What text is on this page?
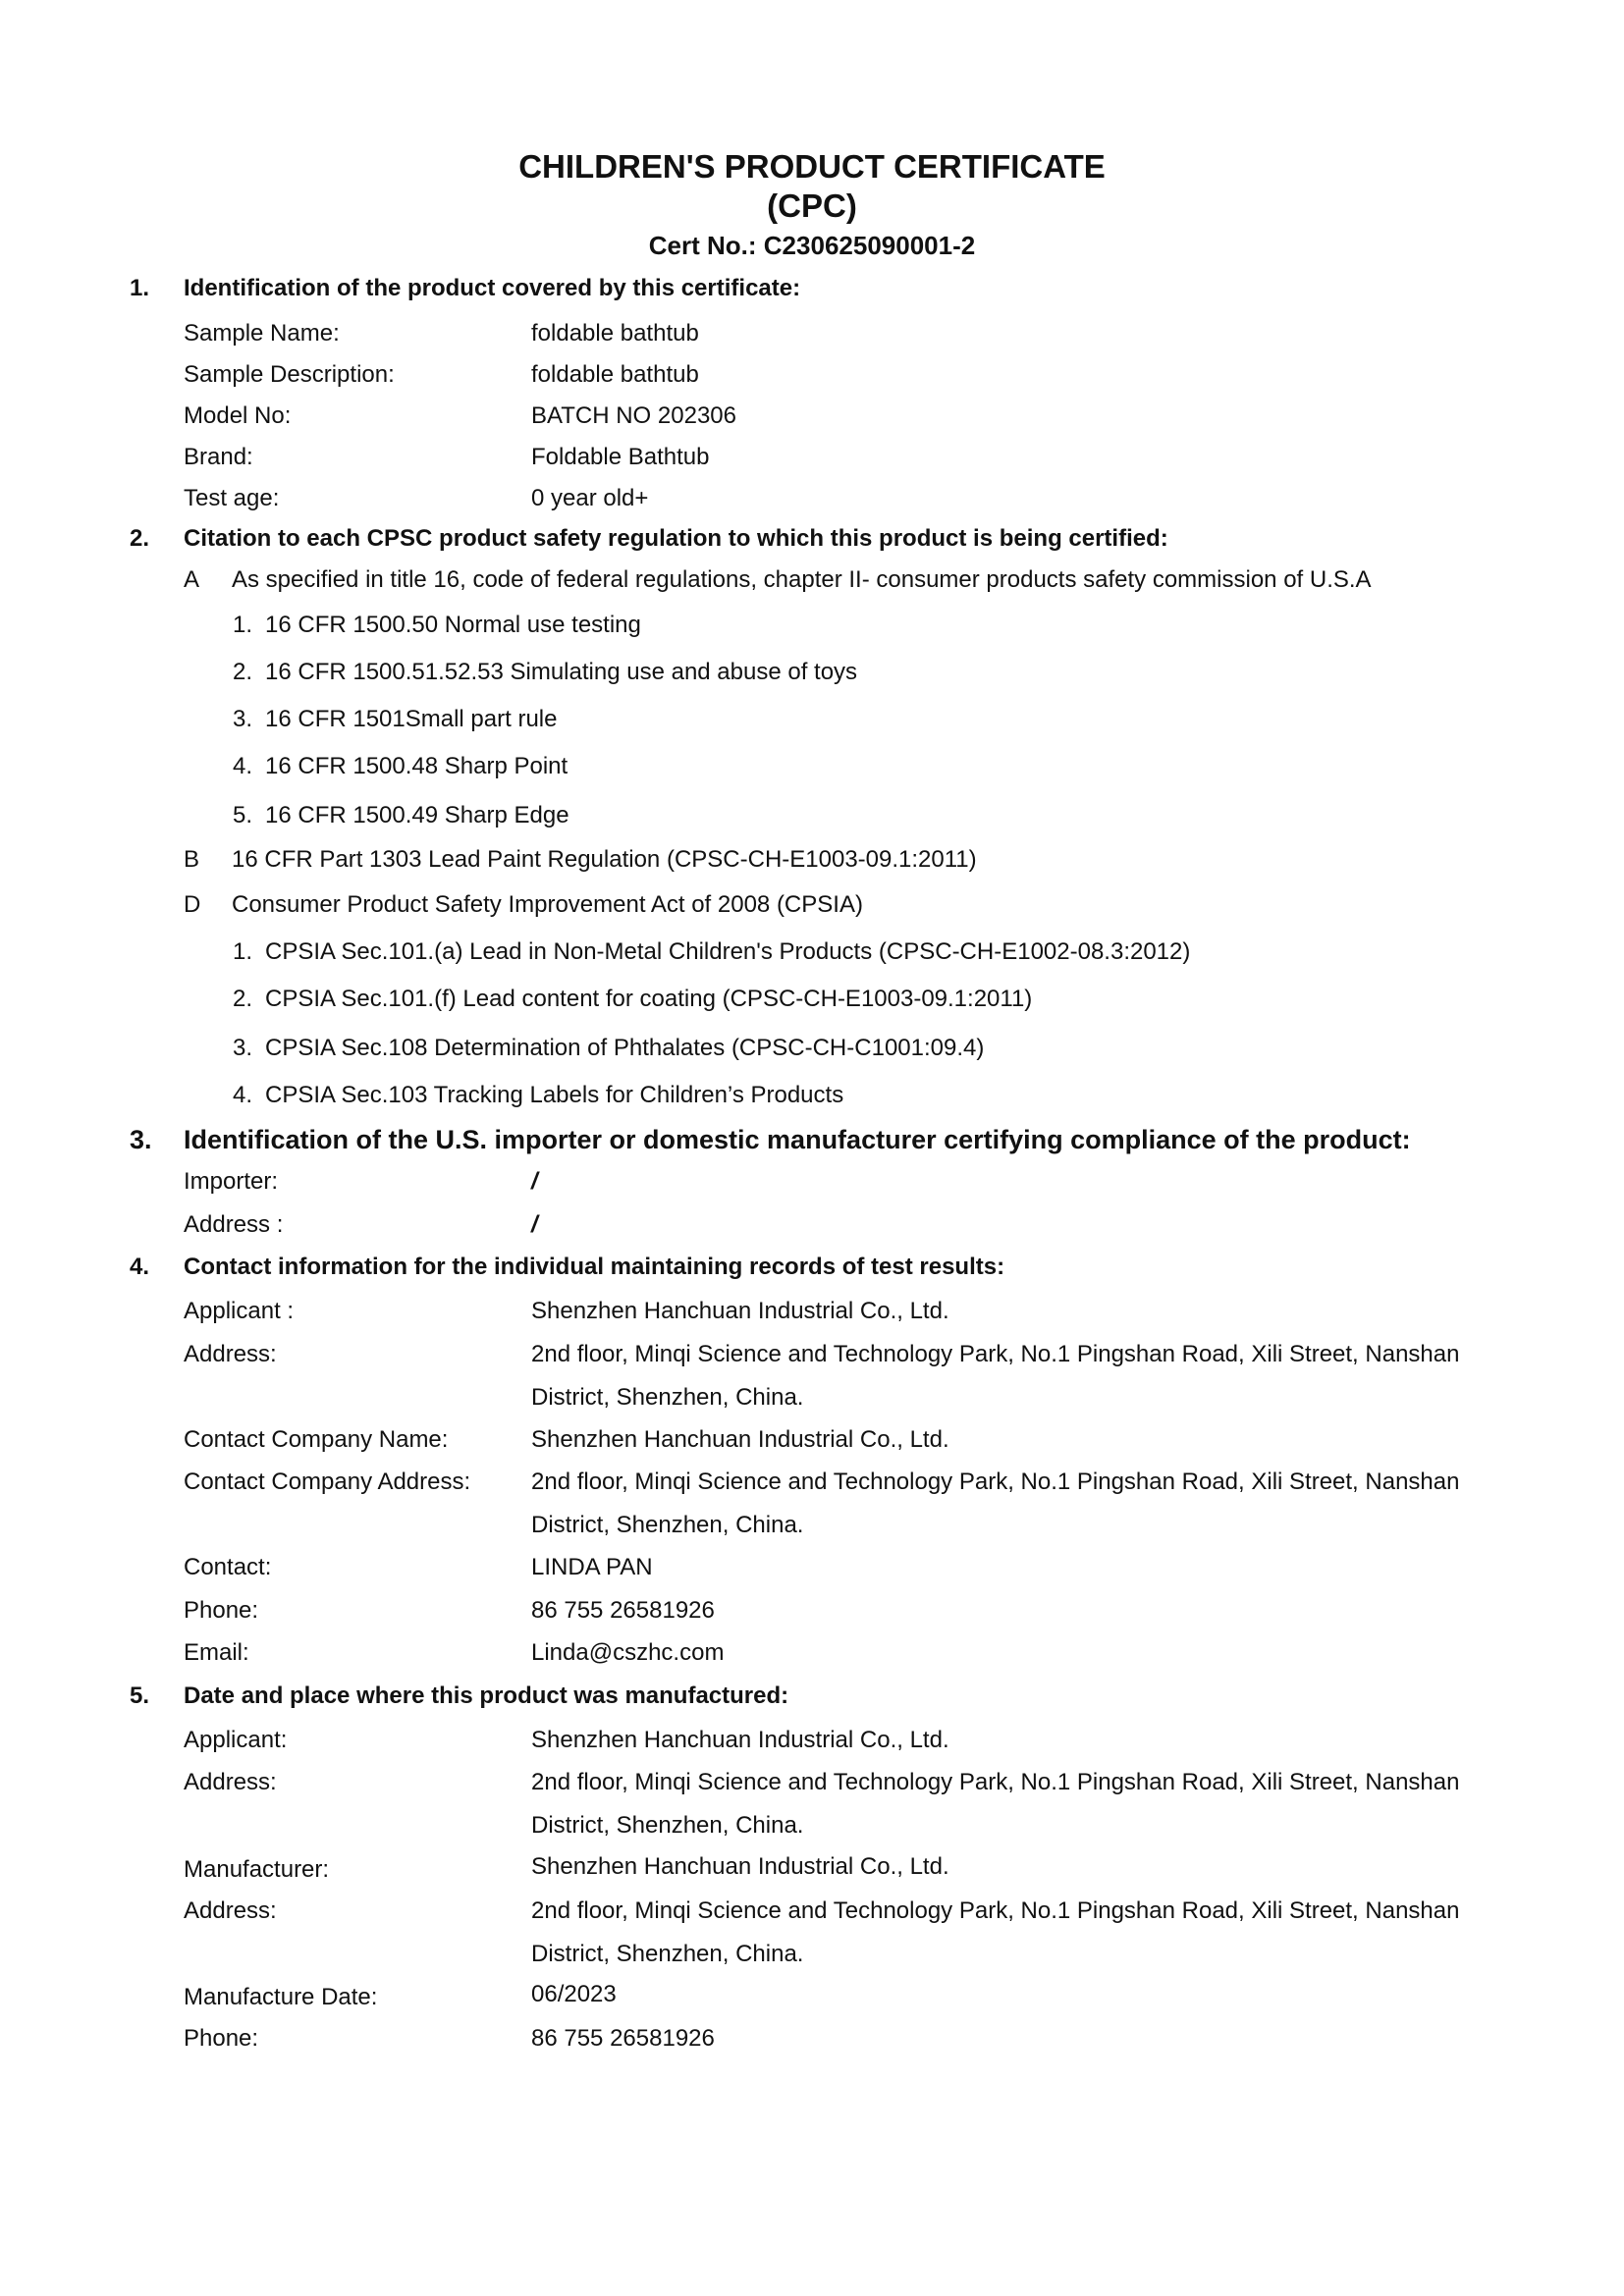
CHILDREN'S PRODUCT CERTIFICATE
(CPC)
Cert No.: C230625090001-2
1. Identification of the product covered by this certificate:
Sample Name:	foldable bathtub
Sample Description:	foldable bathtub
Model No:	BATCH NO 202306
Brand:	Foldable Bathtub
Test age:	0 year old+
2. Citation to each CPSC product safety regulation to which this product is being certified:
A As specified in title 16, code of federal regulations, chapter II- consumer products safety commission of U.S.A
1. 16 CFR 1500.50 Normal use testing
2. 16 CFR 1500.51.52.53 Simulating use and abuse of toys
3. 16 CFR 1501Small part rule
4. 16 CFR 1500.48 Sharp Point
5. 16 CFR 1500.49 Sharp Edge
B 16 CFR Part 1303 Lead Paint Regulation (CPSC-CH-E1003-09.1:2011)
D Consumer Product Safety Improvement Act of 2008 (CPSIA)
1. CPSIA Sec.101.(a) Lead in Non-Metal Children's Products (CPSC-CH-E1002-08.3:2012)
2. CPSIA Sec.101.(f) Lead content for coating (CPSC-CH-E1003-09.1:2011)
3. CPSIA Sec.108 Determination of Phthalates (CPSC-CH-C1001:09.4)
4. CPSIA Sec.103 Tracking Labels for Children’s Products
3. Identification of the U.S. importer or domestic manufacturer certifying compliance of the product:
Importer:	/
Address :	/
4. Contact information for the individual maintaining records of test results:
Applicant :	Shenzhen Hanchuan Industrial Co., Ltd.
Address:	2nd floor, Minqi Science and Technology Park, No.1 Pingshan Road, Xili Street, Nanshan District, Shenzhen, China.
Contact Company Name:	Shenzhen Hanchuan Industrial Co., Ltd.
Contact Company Address:	2nd floor, Minqi Science and Technology Park, No.1 Pingshan Road, Xili Street, Nanshan District, Shenzhen, China.
Contact:	LINDA PAN
Phone:	86 755 26581926
Email:	Linda@cszhc.com
5. Date and place where this product was manufactured:
Applicant:	Shenzhen Hanchuan Industrial Co., Ltd.
Address:	2nd floor, Minqi Science and Technology Park, No.1 Pingshan Road, Xili Street, Nanshan District, Shenzhen, China.
Manufacturer:	Shenzhen Hanchuan Industrial Co., Ltd.
Address:	2nd floor, Minqi Science and Technology Park, No.1 Pingshan Road, Xili Street, Nanshan District, Shenzhen, China.
Manufacture Date:	06/2023
Phone:	86 755 26581926
